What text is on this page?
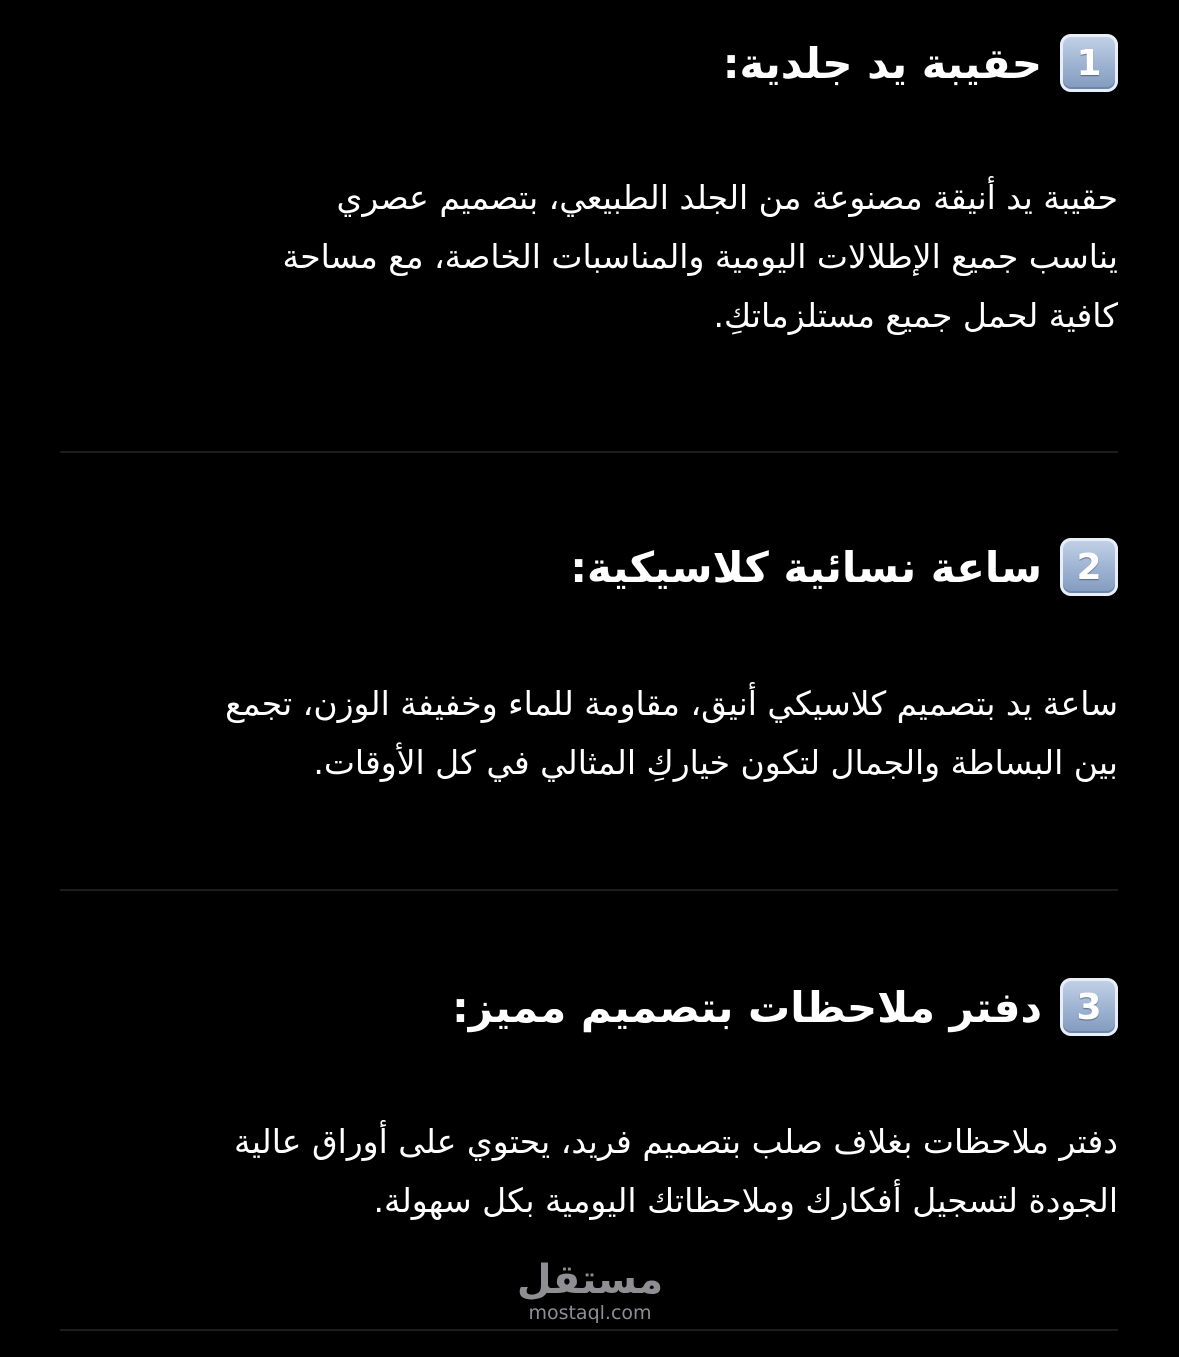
1
حقيبة يد جلدية:
حقيبة يد أنيقة مصنوعة من الجلد الطبيعي، بتصميم عصري
يناسب جميع الإطلالات اليومية والمناسبات الخاصة، مع مساحة
كافية لحمل جميع مستلزماتكِ.
2
ساعة نسائية كلاسيكية:
ساعة يد بتصميم كلاسيكي أنيق، مقاومة للماء وخفيفة الوزن، تجمع
بين البساطة والجمال لتكون خياركِ المثالي في كل الأوقات.
3
دفتر ملاحظات بتصميم مميز:
دفتر ملاحظات بغلاف صلب بتصميم فريد، يحتوي على أوراق عالية
الجودة لتسجيل أفكارك وملاحظاتك اليومية بكل سهولة.
مستقل
mostaql.com
